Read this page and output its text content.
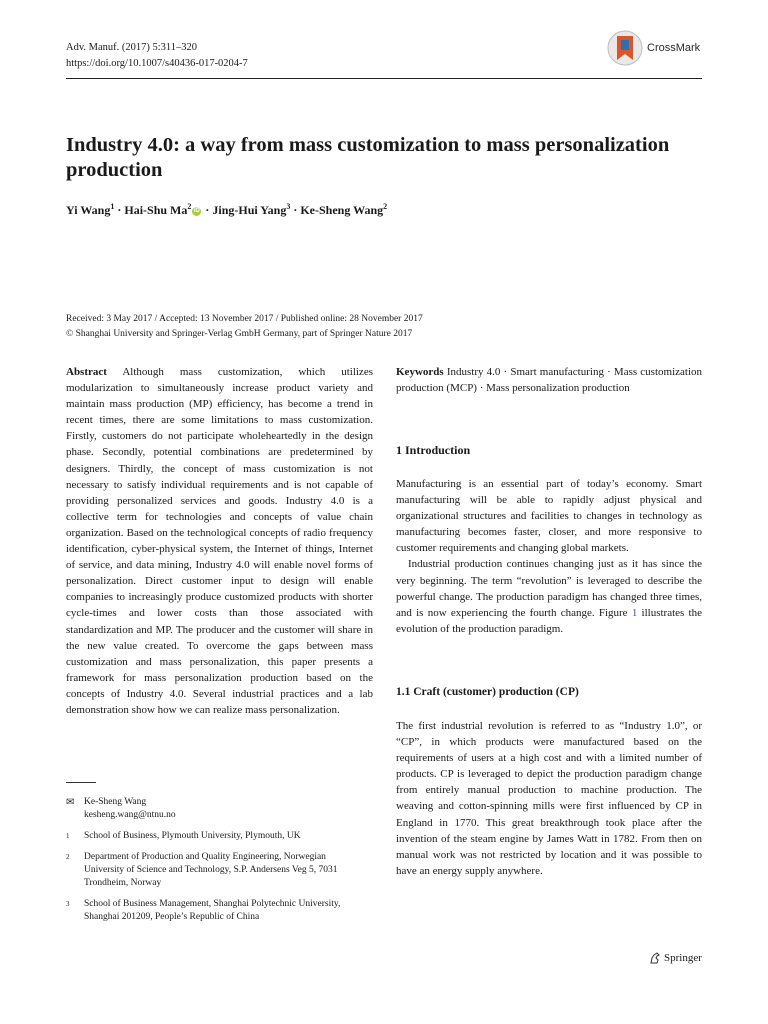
Adv. Manuf. (2017) 5:311–320
https://doi.org/10.1007/s40436-017-0204-7
CrossMark
Industry 4.0: a way from mass customization to mass personalization production
Yi Wang$^1$ · Hai-Shu Ma$^2$ iD · Jing-Hui Yang$^3$ · Ke-Sheng Wang$^2$
Received: 3 May 2017 / Accepted: 13 November 2017 / Published online: 28 November 2017
© Shanghai University and Springer-Verlag GmbH Germany, part of Springer Nature 2017
Abstract Although mass customization, which utilizes modularization to simultaneously increase product variety and maintain mass production (MP) efficiency, has become a trend in recent times, there are some limitations to mass customization. Firstly, customers do not participate wholeheartedly in the design phase. Secondly, potential combinations are predetermined by designers. Thirdly, the concept of mass customization is not necessary to satisfy individual requirements and is not capable of providing personalized services and goods. Industry 4.0 is a collective term for technologies and concepts of value chain organization. Based on the technological concepts of radio frequency identification, cyber-physical system, the Internet of things, Internet of service, and data mining, Industry 4.0 will enable novel forms of personalization. Direct customer input to design will enable companies to increasingly produce customized products with shorter cycle-times and lower costs than those associated with standardization and MP. The producer and the customer will share in the new value created. To overcome the gaps between mass customization and mass personalization, this paper presents a framework for mass personalization production based on the concepts of Industry 4.0. Several industrial practices and a lab demonstration show how we can realize mass personalization.
Keywords Industry 4.0 · Smart manufacturing · Mass customization production (MCP) · Mass personalization production
1 Introduction
Manufacturing is an essential part of today’s economy. Smart manufacturing will be able to rapidly adjust physical and organizational structures and facilities to changes in technology as manufacturing becomes faster, closer, and more responsive to customer requirements and changing global markets.
Industrial production continues changing just as it has since the very beginning. The term “revolution” is leveraged to describe the powerful change. The production paradigm has changed three times, and is now experiencing the fourth change. Figure 1 illustrates the evolution of the production paradigm.
1.1 Craft (customer) production (CP)
The first industrial revolution is referred to as “Industry 1.0”, or “CP”, in which products were manufactured based on the requirements of users at a high cost and with a limited number of products. CP is leveraged to depict the production paradigm change from entirely manual production to machine production. The weaving and cotton-spinning mills were first influenced by CP in England in 1770. This great breakthrough took place after the invention of the steam engine by James Watt in 1782. From then on manual work was not restricted by location and it was possible to have an energy supply anywhere.
✉	Ke-Sheng Wang
kesheng.wang@ntnu.no
1	School of Business, Plymouth University, Plymouth, UK
2	Department of Production and Quality Engineering, Norwegian University of Science and Technology, S.P. Andersens Veg 5, 7031 Trondheim, Norway
3	School of Business Management, Shanghai Polytechnic University, Shanghai 201209, People’s Republic of China
Springer
